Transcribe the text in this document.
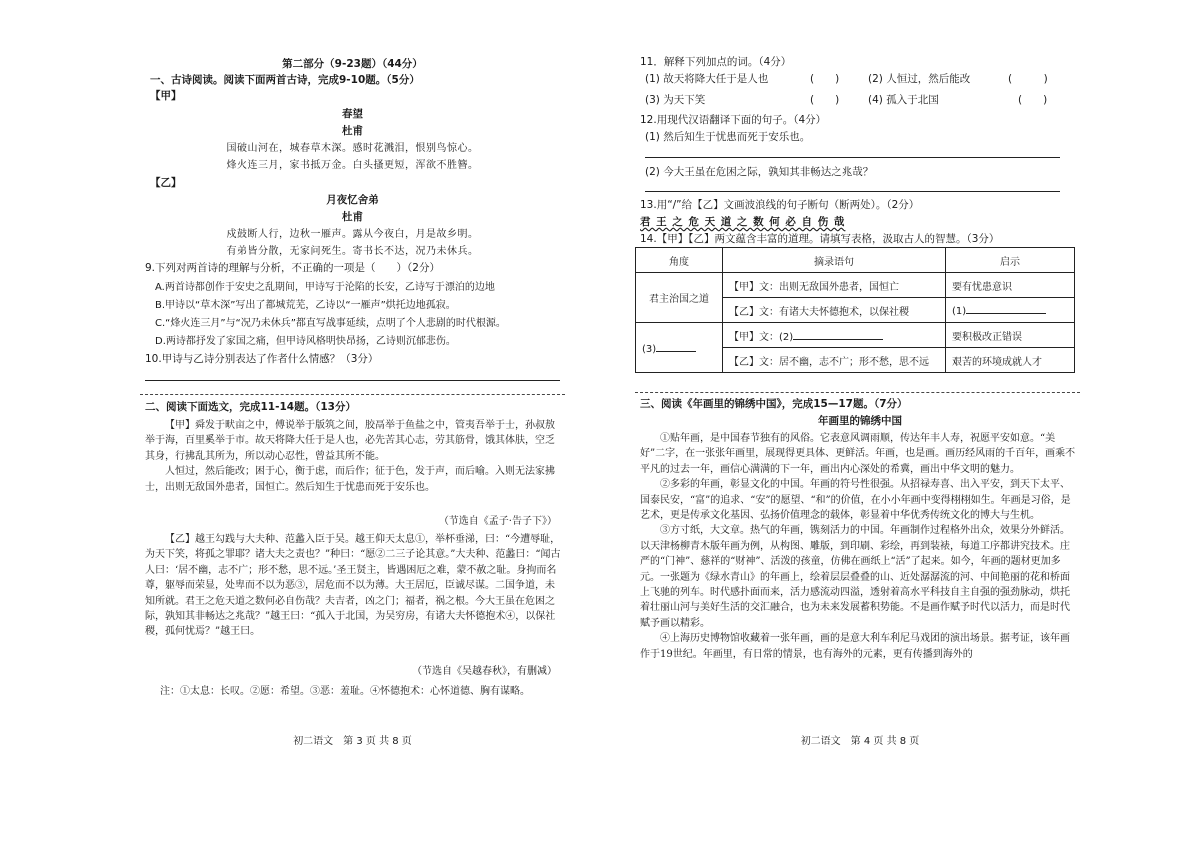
第二部分（9-23题）（44分）
一、古诗阅读。阅读下面两首古诗，完成9-10题。（5分）
【甲】
春望
杜甫
国破山河在，城春草木深。感时花溅泪，恨别鸟惊心。
烽火连三月，家书抵万金。白头搔更短，浑欲不胜簪。
【乙】
月夜忆舍弟
杜甫
戍鼓断人行，边秋一雁声。露从今夜白，月是故乡明。
有弟皆分散，无家问死生。寄书长不达，况乃未休兵。
9.下列对两首诗的理解与分析，不正确的一项是（　　）（2分）
A.两首诗都创作于安史之乱期间，甲诗写于沦陷的长安，乙诗写于漂泊的边地
B.甲诗以“草木深”写出了都城荒芜，乙诗以“一雁声”烘托边地孤寂。
C.“烽火连三月”与“况乃未休兵”都直写战事延续，点明了个人悲剧的时代根源。
D.两诗都抒发了家国之痛，但甲诗风格明快昂扬，乙诗则沉郁悲伤。
10.甲诗与乙诗分别表达了作者什么情感？（3分）
二、阅读下面选文，完成11-14题。（13分）

【甲】舜发于畎亩之中，傅说举于版筑之间，胶鬲举于鱼盐之中，管夷吾举于士，孙叔敖举于海，百里奚举于市。故天将降大任于是人也，必先苦其心志，劳其筋骨，饿其体肤，空乏其身，行拂乱其所为，所以动心忍性，曾益其所不能。

人恒过，然后能改；困于心，衡于虑，而后作；征于色，发于声，而后喻。入则无法家拂士，出则无敌国外患者，国恒亡。然后知生于忧患而死于安乐也。

（节选自《孟子·告子下》）

【乙】越王勾践与大夫种、范蠡入臣于吴。越王仰天太息①，举杯垂涕，曰：“今遭辱耻，为天下笑，将孤之罪耶？诸大夫之责也？”种曰：“愿②二三子论其意。”大夫种、范蠡曰：“闻古人曰：‘居不幽，志不广；形不愁，思不远。’圣王贤主，皆遇困厄之难，蒙不赦之耻。身拘而名尊，躯辱而荣显，处卑而不以为恶③，居危而不以为薄。大王居厄，臣诚尽谋。二国争道，未知所就。君王之危天道之数何必自伤哉？夫吉者，凶之门；福者，祸之根。今大王虽在危困之际，孰知其非畅达之兆哉？”越王曰：“孤入于北国，为吴穷房，有诸大夫怀德抱术④，以保社稷，孤何忧焉？”越王曰。

（节选自《吴越春秋》，有删减）
注：①太息：长叹。②愿：希望。③恶：羞耻。④怀德抱术：心怀道德、胸有谋略。
初二语文　第 3 页 共 8 页
11．解释下列加点的词。（4分）
(1) 故天将降大任于是人也	(　　)	(2) 人恒过，然后能改	(　　　)
(3) 为天下笑	(　　)	(4) 孤入于北国	(　　)
12.用现代汉语翻译下面的句子。（4分）
(1) 然后知生于忧患而死于安乐也。
(2) 今大王虽在危困之际，孰知其非畅达之兆哉？
13.用“/”给【乙】文画波浪线的句子断句（断两处）。（2分）
君 王 之 危 天 道 之 数 何 必 自 伤 哉
14.【甲】【乙】两文蕴含丰富的道理。请填写表格，汲取古人的智慧。（3分）
角度	摘录语句	启示
君主治国之道	【甲】文：出则无敌国外患者，国恒亡	要有忧患意识
	【乙】文：有诸大夫怀德抱术，以保社稷	(1)
(3)	【甲】文：(2)	要积极改正错误
	【乙】文：居不幽，志不广；形不愁，思不远	艰苦的环境成就人才
三、阅读《年画里的锦绣中国》，完成15—17题。（7分）
年画里的锦绣中国

①贴年画，是中国春节独有的风俗。它表意风调雨顺，传达年丰人寿，祝愿平安如意。“美好”二字，在一张张年画里，展现得更具体、更鲜活。年画，也是画。画历经风雨的千百年，画乘不平凡的过去一年，画信心满满的下一年，画出内心深处的希冀，画出中华文明的魅力。

②多彩的年画，彰显文化的中国。年画的符号性很强。从招禄寿喜、出入平安，到天下太平、国泰民安，“富”的追求、“安”的愿望、“和”的价值，在小小年画中变得栩栩如生。年画是习俗，是艺术，更是传承文化基因、弘扬价值理念的载体，彰显着中华优秀传统文化的博大与生机。

③方寸纸，大文章。热气的年画，镌刻活力的中国。年画制作过程格外出众，效果分外鲜活。以天津杨柳青木版年画为例，从构图、雕版，到印刷、彩绘，再到装裱，每道工序都讲究技术。庄严的“门神”、慈祥的“财神”、活泼的孩童，仿佛在画纸上“活”了起来。如今，年画的题材更加多元。一张题为《绿水青山》的年画上，绘着层层叠叠的山、近处潺潺流的河、中间艳丽的花和桥面上飞驰的列车。时代感扑面而来，活力感流动四溢，透射着高水平科技自主自强的强劲脉动，烘托着壮丽山河与美好生活的交汇融合，也为未来发展蓄积势能。不是画作赋予时代以活力，而是时代赋予画以精彩。

④上海历史博物馆收藏着一张年画，画的是意大利车利尼马戏团的演出场景。据考证，该年画作于19世纪。年画里，有日常的情景，也有海外的元素，更有传播到海外的

初二语文　第 4 页 共 8 页
